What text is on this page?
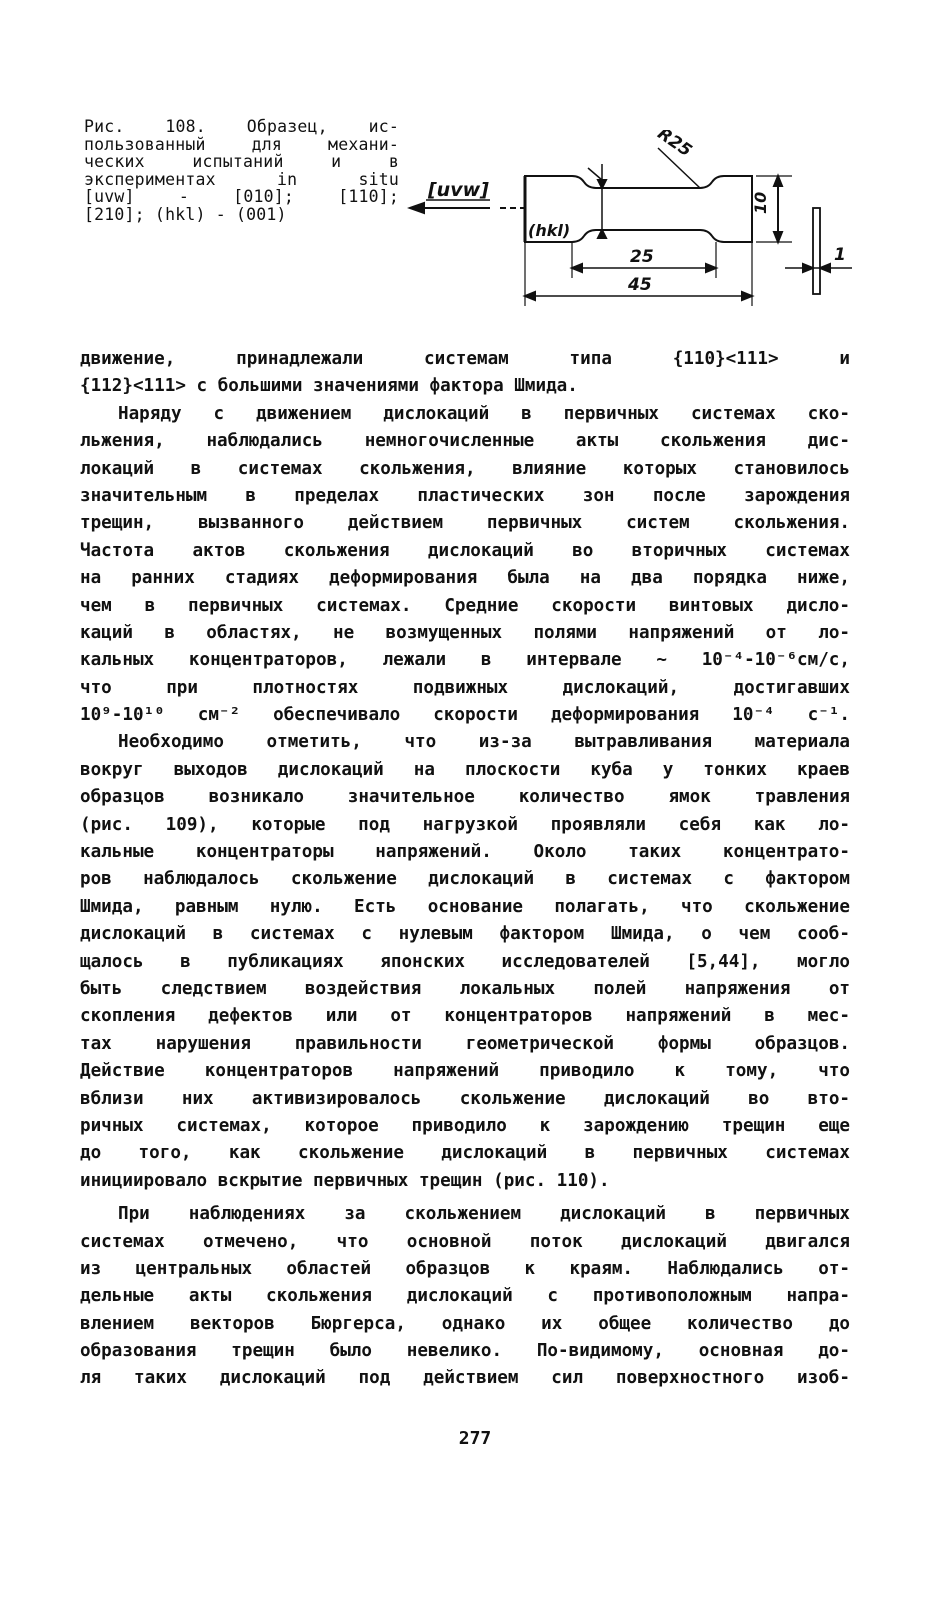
Рис. 108. Образец, ис-
пользованный для механи-
ческих испытаний и в
экспериментах in situ
[uvw] - [010]; [110];
[210]; (hkl) - (001)
[uvw]
(hkl)
R25
10
25
45
1
движение, принадлежали системам типа {110}<111> и
{112}<111> с большими значениями фактора Шмида.
Наряду с движением дислокаций в первичных системах ско-
льжения, наблюдались немногочисленные акты скольжения дис-
локаций в системах скольжения, влияние которых становилось
значительным в пределах пластических зон после зарождения
трещин, вызванного действием первичных систем скольжения.
Частота актов скольжения дислокаций во вторичных системах
на ранних стадиях деформирования была на два порядка ниже,
чем в первичных системах. Средние скорости винтовых дисло-
каций в областях, не возмущенных полями напряжений от ло-
кальных концентраторов, лежали в интервале ~ 10⁻⁴-10⁻⁶см/с,
что при плотностях подвижных дислокаций, достигавших
10⁹-10¹⁰ см⁻² обеспечивало скорости деформирования 10⁻⁴ с⁻¹.
Необходимо отметить, что из-за вытравливания материала
вокруг выходов дислокаций на плоскости куба у тонких краев
образцов возникало значительное количество ямок травления
(рис. 109), которые под нагрузкой проявляли себя как ло-
кальные концентраторы напряжений. Около таких концентрато-
ров наблюдалось скольжение дислокаций в системах с фактором
Шмида, равным нулю. Есть основание полагать, что скольжение
дислокаций в системах с нулевым фактором Шмида, о чем сооб-
щалось в публикациях японских исследователей [5,44], могло
быть следствием воздействия локальных полей напряжения от
скопления дефектов или от концентраторов напряжений в мес-
тах нарушения правильности геометрической формы образцов.
Действие концентраторов напряжений приводило к тому, что
вблизи них активизировалось скольжение дислокаций во вто-
ричных системах, которое приводило к зарождению трещин еще
до того, как скольжение дислокаций в первичных системах
инициировало вскрытие первичных трещин (рис. 110).
При наблюдениях за скольжением дислокаций в первичных
системах отмечено, что основной поток дислокаций двигался
из центральных областей образцов к краям. Наблюдались от-
дельные акты скольжения дислокаций с противоположным напра-
влением векторов Бюргерса, однако их общее количество до
образования трещин было невелико. По-видимому, основная до-
ля таких дислокаций под действием сил поверхностного изоб-
277
